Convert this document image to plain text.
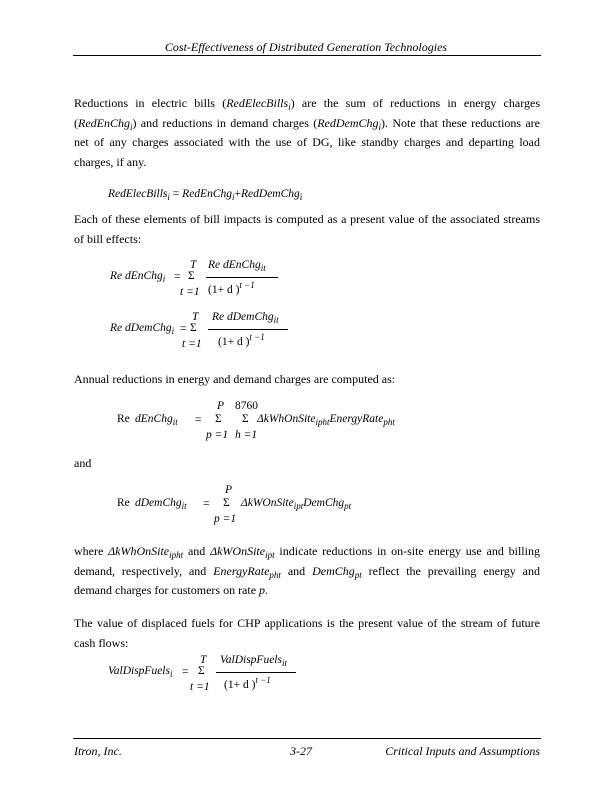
Cost-Effectiveness of Distributed Generation Technologies
Reductions in electric bills (RedElecBills$_i$) are the sum of reductions in energy charges (RedEnChg$_i$) and reductions in demand charges (RedDemChg$_i$). Note that these reductions are net of any charges associated with the use of DG, like standby charges and departing load charges, if any.
RedElecBills$_i$ = RedEnChg$_i$+RedDemChg$_i$
Each of these elements of bill impacts is computed as a present value of the associated streams of bill effects:
Re dEnChg$_i$ =
T
Σ
t =1
Re dEnChg$_{it}$
(1+ d )$^{t -1}$
Re dDemChg$_i$ =
T
Σ
t =1
Re dDemChg$_{it}$
(1+ d )$^{t -1}$
Annual reductions in energy and demand charges are computed as:
Re dEnChg$_{it}$ =
P
Σ
p =1
8760
Σ
h =1
ΔkWhOnSite$_{ipht}$EnergyRate$_{pht}$
and
Re dDemChg$_{it}$ =
P
Σ
p =1
ΔkWOnSite$_{ipt}$DemChg$_{pt}$
where ΔkWhOnSite$_{ipht}$ and ΔkWOnSite$_{ipt}$ indicate reductions in on-site energy use and billing demand, respectively, and EnergyRate$_{pht}$ and DemChg$_{pt}$ reflect the prevailing energy and demand charges for customers on rate p.
The value of displaced fuels for CHP applications is the present value of the stream of future cash flows:
ValDispFuels$_i$ =
T
Σ
t =1
ValDispFuels$_{it}$
(1+ d )$^{t -1}$
Itron, Inc.	3-27	Critical Inputs and Assumptions
